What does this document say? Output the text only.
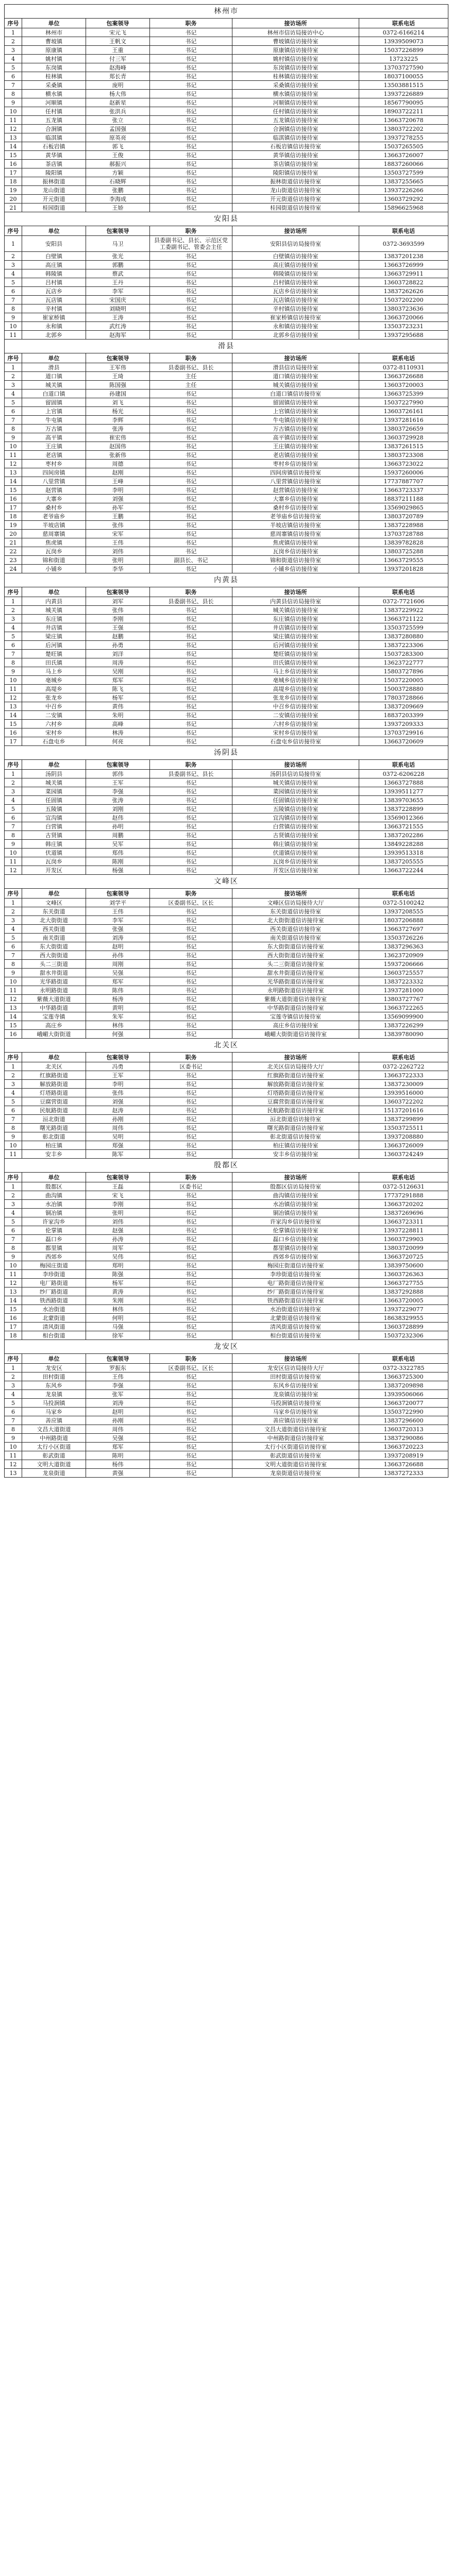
林州市					
序号	单位	包案领导	职务	接访场所	联系电话
1	林州市	宋元飞	书记	林州市信访局接访中心	0372-6166214
2	曹坡镇	王帆文	书记	曹坡镇信访接待室	13939509073
3	原康镇	王重	书记	原康镇信访接待室	15037226899
4	姚村镇	付三军	书记	姚村镇信访接待室	13723225
5	东岗镇	赵海峰	书记	东岗镇信访接待室	13703727590
6	桂林镇	郑长青	书记	桂林镇信访接待室	18037100055
7	采桑镇	庞明	书记	采桑镇信访接待室	13503881515
8	横水镇	杨大伟	书记	横水镇信访接待室	13937226889
9	河顺镇	赵新星	书记	河顺镇信访接待室	18567790095
10	任村镇	张洪兵	书记	任村镇信访接待室	18903722211
11	五龙镇	张立	书记	五龙镇信访接待室	13663720678
12	合涧镇	孟国强	书记	合涧镇信访接待室	13803722202
13	临淇镇	原英亮	书记	临淇镇信访接待室	13937278255
14	石板岩镇	郭飞	书记	石板岩镇信访接待室	15037265505
15	黄华镇	王俊	书记	黄华镇信访接待室	13663726007
16	茶店镇	郝振兴	书记	茶店镇信访接待室	18837260066
17	陵阳镇	方颖	书记	陵阳镇信访接待室	13503727599
18	振林街道	石晓辉	书记	振林街道信访接待室	13837255665
19	龙山街道	张鹏	书记	龙山街道信访接待室	13937226266
20	开元街道	李海成	书记	开元街道信访接待室	13603729292
21	桂园街道	王娇	书记	桂园街道信访接待室	15896625968
安阳县					
序号	单位	包案领导	职务	接访场所	联系电话
1	安阳县	马卫	县委副书记、县长、示范区党工委副书记、管委会主任	安阳县信访局接待室	0372-3693599
2	白壁镇	张光	书记	白壁镇信访接待室	13837201238
3	高庄镇	郭鹏	书记	高庄镇信访接待室	13663726999
4	韩陵镇	蔡武	书记	韩陵镇信访接待室	13663729911
5	吕村镇	王丹	书记	吕村镇信访接待室	13603728822
6	瓦店乡	李军	书记	瓦店乡信访接待室	13837262626
7	瓦店镇	宋国庆	书记	瓦店镇信访接待室	15037202200
8	辛村镇	刘晓明	书记	辛村镇信访接待室	13803723636
9	崔家桥镇	王涛	书记	崔家桥镇信访接待室	13663720066
10	永和镇	武红涛	书记	永和镇信访接待室	13503723231
11	北郭乡	赵海军	书记	北郭乡信访接待室	13937295688
滑县					
序号	单位	包案领导	职务	接访场所	联系电话
1	滑县	王军伟	县委副书记、县长	滑县信访局接待室	0372-8110931
2	道口镇	王琦	主任	道口镇信访接待室	13663726688
3	城关镇	陈国强	主任	城关镇信访接待室	13603720003
4	白道口镇	孙建国	书记	白道口镇信访接待室	13663725399
5	留固镇	刘飞	书记	留固镇信访接待室	15037227990
6	上官镇	杨光	书记	上官镇信访接待室	13603726161
7	牛屯镇	李辉	书记	牛屯镇信访接待室	13937281616
8	万古镇	张涛	书记	万古镇信访接待室	13803726659
9	高平镇	崔宏伟	书记	高平镇信访接待室	13603729928
10	王庄镇	赵国伟	书记	王庄镇信访接待室	13837261515
11	老店镇	张新伟	书记	老店镇信访接待室	13803723308
12	枣村乡	周德	书记	枣村乡信访接待室	13663723022
13	四间房镇	赵刚	书记	四间房镇信访接待室	15937260006
14	八里营镇	王峰	书记	八里营镇信访接待室	17737887707
15	赵营镇	李明	书记	赵营镇信访接待室	13663723337
16	大寨乡	刘强	书记	大寨乡信访接待室	18837211188
17	桑村乡	孙军	书记	桑村乡信访接待室	13569029865
18	老爷庙乡	王鹏	书记	老爷庙乡信访接待室	13803720789
19	半坡店镇	张伟	书记	半坡店镇信访接待室	13837228988
20	慈周寨镇	宋军	书记	慈周寨镇信访接待室	13703728788
21	焦虎镇	王伟	书记	焦虎镇信访接待室	13839782828
22	瓦岗乡	刘伟	书记	瓦岗乡信访接待室	13803725288
23	锦和街道	张明	副县长、书记	锦和街道信访接待室	13663729555
24	小铺乡	李华	书记	小铺乡信访接待室	13937201828
内黄县					
序号	单位	包案领导	职务	接访场所	联系电话
1	内黄县	刘军	县委副书记、县长	内黄县信访局接待室	0372-7721606
2	城关镇	张伟	书记	城关镇信访接待室	13837229922
3	东庄镇	李刚	书记	东庄镇信访接待室	13663721122
4	井店镇	王强	书记	井店镇信访接待室	13503725599
5	梁庄镇	赵鹏	书记	梁庄镇信访接待室	13837280880
6	后河镇	孙勇	书记	后河镇信访接待室	13837223306
7	楚旺镇	刘洋	书记	楚旺镇信访接待室	15037283300
8	田氏镇	周涛	书记	田氏镇信访接待室	13623722777
9	马上乡	吴刚	书记	马上乡信访接待室	15803727896
10	亳城乡	郑军	书记	亳城乡信访接待室	15037220005
11	高堤乡	陈飞	书记	高堤乡信访接待室	15003728880
12	张龙乡	杨军	书记	张龙乡信访接待室	17803728866
13	中召乡	黄伟	书记	中召乡信访接待室	13837209669
14	二安镇	朱明	书记	二安镇信访接待室	18837203399
15	六村乡	高峰	书记	六村乡信访接待室	13937209333
16	宋村乡	林涛	书记	宋村乡信访接待室	13703729916
17	石盘屯乡	何亮	书记	石盘屯乡信访接待室	13663720609
汤阴县					
序号	单位	包案领导	职务	接访场所	联系电话
1	汤阴县	郭伟	县委副书记、县长	汤阴县信访局接待室	0372-6206228
2	城关镇	王军	书记	城关镇信访接待室	13663727888
3	菜园镇	李强	书记	菜园镇信访接待室	13939511277
4	任固镇	张涛	书记	任固镇信访接待室	13839703655
5	五陵镇	刘刚	书记	五陵镇信访接待室	13837228899
6	宜沟镇	赵伟	书记	宜沟镇信访接待室	13569012366
7	白营镇	孙明	书记	白营镇信访接待室	13663721555
8	古贤镇	周鹏	书记	古贤镇信访接待室	13837202286
9	韩庄镇	吴军	书记	韩庄镇信访接待室	13849228288
10	伏道镇	郑伟	书记	伏道镇信访接待室	13939513318
11	瓦岗乡	陈刚	书记	瓦岗乡信访接待室	13837205555
12	开发区	杨强	书记	开发区信访接待室	13663722244
文峰区					
序号	单位	包案领导	职务	接访场所	联系电话
1	文峰区	刘学平	区委副书记、区长	文峰区信访局接待大厅	0372-5100242
2	东关街道	王伟	书记	东关街道信访接待室	13937208555
3	北大街街道	李军	书记	北大街街道信访接待室	18037206888
4	西关街道	张强	书记	西关街道信访接待室	13663727697
5	南关街道	刘涛	书记	南关街道信访接待室	13503726226
6	东大街街道	赵明	书记	东大街街道信访接待室	13837296363
7	西大街街道	孙伟	书记	西大街街道信访接待室	13623720909
8	头二三街道	周刚	书记	头二三街道信访接待室	15937206666
9	甜水井街道	吴强	书记	甜水井街道信访接待室	13603725557
10	光华路街道	郑军	书记	光华路街道信访接待室	13837223332
11	永明路街道	陈伟	书记	永明路街道信访接待室	13937281000
12	紫薇大道街道	杨涛	书记	紫薇大道街道信访接待室	13803727767
13	中华路街道	黄明	书记	中华路街道信访接待室	13663722265
14	宝莲寺镇	朱军	书记	宝莲寺镇信访接待室	13569099900
15	高庄乡	林伟	书记	高庄乡信访接待室	13837226299
16	峨嵋大街街道	何强	书记	峨嵋大街街道信访接待室	13839780090
北关区					
序号	单位	包案领导	职务	接访场所	联系电话
1	北关区	冯勇	区委书记	北关区信访局接待大厅	0372-2262722
2	红旗路街道	王军	书记	红旗路街道信访接待室	13663722333
3	解放路街道	李明	书记	解放路街道信访接待室	13837230009
4	灯塔路街道	张伟	书记	灯塔路街道信访接待室	13939516000
5	豆腐营街道	刘强	书记	豆腐营街道信访接待室	13603722202
6	民航路街道	赵涛	书记	民航路街道信访接待室	15137201616
7	洹北街道	孙刚	书记	洹北街道信访接待室	13837299899
8	曙光路街道	周伟	书记	曙光路街道信访接待室	13503725511
9	彰北街道	吴明	书记	彰北街道信访接待室	13937208880
10	柏庄镇	郑强	书记	柏庄镇信访接待室	13663726009
11	安丰乡	陈军	书记	安丰乡信访接待室	13603724249
殷都区					
序号	单位	包案领导	职务	接访场所	联系电话
1	殷都区	王磊	区委书记	殷都区信访局接待室	0372-5126631
2	曲沟镇	宋飞	书记	曲沟镇信访接待室	17737291888
3	水冶镇	李刚	书记	水冶镇信访接待室	13663720202
4	铜冶镇	张明	书记	铜冶镇信访接待室	13837269696
5	许家沟乡	刘伟	书记	许家沟乡信访接待室	13663723311
6	伦掌镇	赵强	书记	伦掌镇信访接待室	13937228811
7	磊口乡	孙涛	书记	磊口乡信访接待室	13603729903
8	都里镇	周军	书记	都里镇信访接待室	13803720099
9	西郊乡	吴伟	书记	西郊乡信访接待室	13663720725
10	梅园庄街道	郑明	书记	梅园庄街道信访接待室	13839750600
11	李珍街道	陈强	书记	李珍街道信访接待室	13603726363
12	电厂路街道	杨军	书记	电厂路街道信访接待室	13663727755
13	纱厂路街道	黄涛	书记	纱厂路街道信访接待室	13837292888
14	铁西路街道	朱刚	书记	铁西路街道信访接待室	13663720005
15	水冶街道	林伟	书记	水冶街道信访接待室	13937229077
16	北蒙街道	何明	书记	北蒙街道信访接待室	18638329955
17	清风街道	马强	书记	清风街道信访接待室	13603728899
18	相台街道	徐军	书记	相台街道信访接待室	15037232306
龙安区					
序号	单位	包案领导	职务	接访场所	联系电话
1	龙安区	罗振东	区委副书记、区长	龙安区信访局接待大厅	0372-3322785
2	田村街道	王伟	书记	田村街道信访接待室	13663725300
3	东风乡	李强	书记	东风乡信访接待室	13837209898
4	龙泉镇	张军	书记	龙泉镇信访接待室	13939506066
5	马投涧镇	刘涛	书记	马投涧镇信访接待室	13663720077
6	马家乡	赵明	书记	马家乡信访接待室	13503722990
7	善应镇	孙刚	书记	善应镇信访接待室	13837296600
8	文昌大道街道	周伟	书记	文昌大道街道信访接待室	13603720313
9	中州路街道	吴强	书记	中州路街道信访接待室	13837290086
10	太行小区街道	郑军	书记	太行小区街道信访接待室	13663720223
11	彰武街道	陈明	书记	彰武街道信访接待室	13937208919
12	文明大道街道	杨伟	书记	文明大道街道信访接待室	13663726688
13	龙泉街道	黄强	书记	龙泉街道信访接待室	13837272333
